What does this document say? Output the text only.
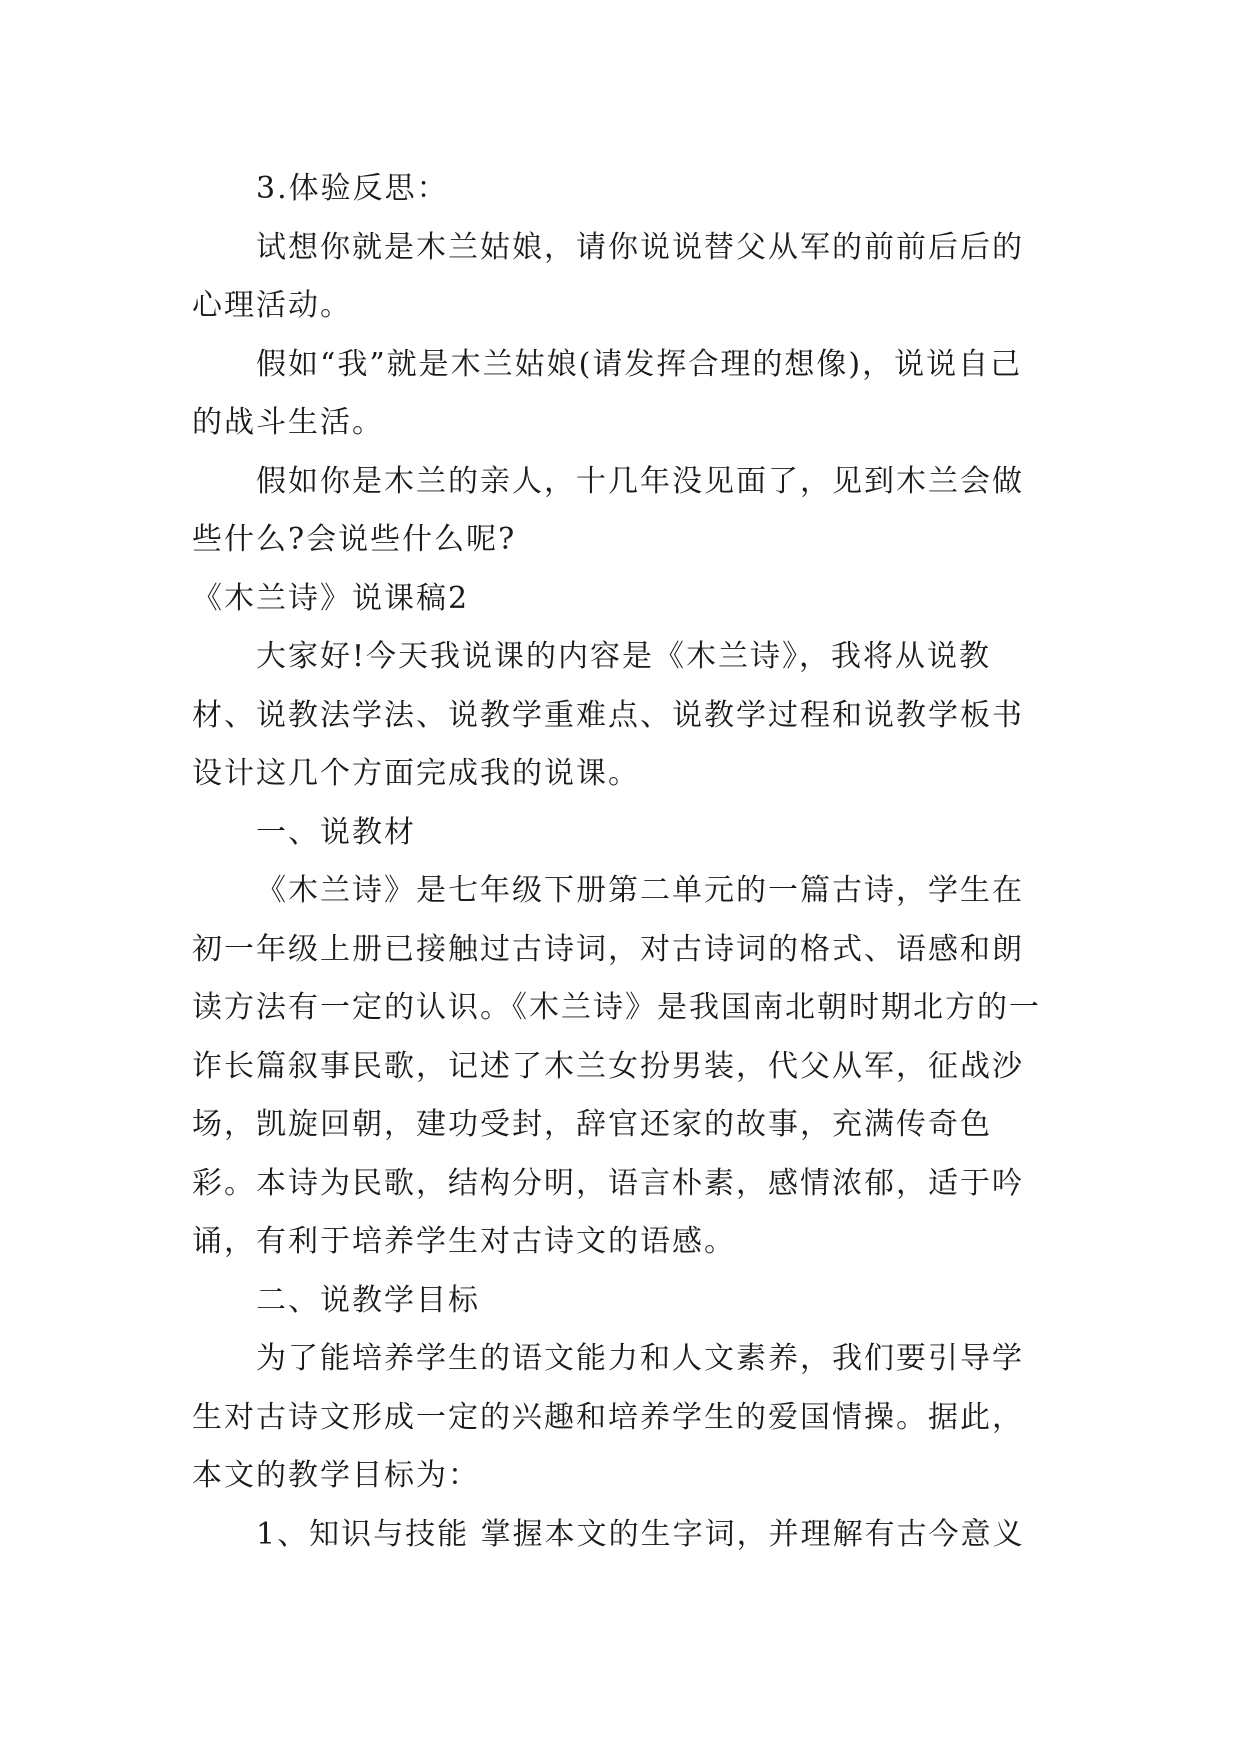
3.体验反思：

试想你就是木兰姑娘，请你说说替父从军的前前后后的心理活动。

假如“我”就是木兰姑娘(请发挥合理的想像)，说说自己的战斗生活。

假如你是木兰的亲人，十几年没见面了，见到木兰会做些什么?会说些什么呢?

《木兰诗》说课稿2

大家好!今天我说课的内容是《木兰诗》，我将从说教材、说教法学法、说教学重难点、说教学过程和说教学板书设计这几个方面完成我的说课。

一、说教材

《木兰诗》是七年级下册第二单元的一篇古诗，学生在初一年级上册已接触过古诗词，对古诗词的格式、语感和朗读方法有一定的认识。《木兰诗》是我国南北朝时期北方的一诈长篇叙事民歌，记述了木兰女扮男装，代父从军，征战沙场，凯旋回朝，建功受封，辞官还家的故事，充满传奇色彩。本诗为民歌，结构分明，语言朴素，感情浓郁，适于吟诵，有利于培养学生对古诗文的语感。

二、说教学目标

为了能培养学生的语文能力和人文素养，我们要引导学生对古诗文形成一定的兴趣和培养学生的爱国情操。据此，本文的教学目标为：

1、知识与技能 掌握本文的生字词，并理解有古今意义
